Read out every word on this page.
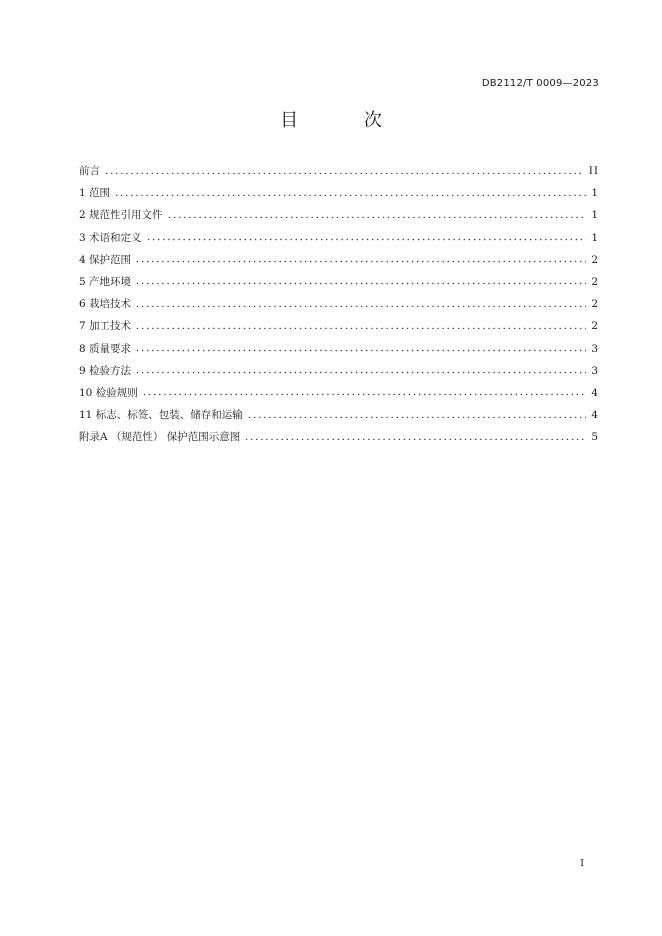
DB2112/T 0009—2023
目 次
前言	II
1 范围	1
2 规范性引用文件	1
3 术语和定义	1
4 保护范围	2
5 产地环境	2
6 栽培技术	2
7 加工技术	2
8 质量要求	3
9 检验方法	3
10 检验规则	4
11 标志、标签、包装、储存和运输	4
附录A （规范性） 保护范围示意图	5
I
